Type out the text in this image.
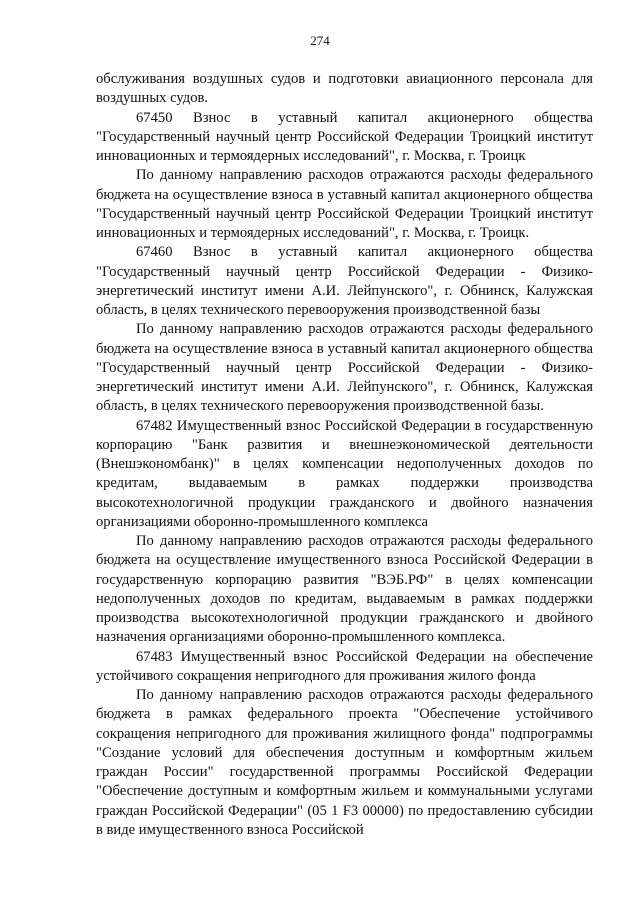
274

обслуживания воздушных судов и подготовки авиационного персонала для воздушных судов.

67450 Взнос в уставный капитал акционерного общества "Государственный научный центр Российской Федерации Троицкий институт инновационных и термоядерных исследований", г. Москва, г. Троицк

По данному направлению расходов отражаются расходы федерального бюджета на осуществление взноса в уставный капитал акционерного общества "Государственный научный центр Российской Федерации Троицкий институт инновационных и термоядерных исследований", г. Москва, г. Троицк.

67460 Взнос в уставный капитал акционерного общества "Государственный научный центр Российской Федерации - Физико-энергетический институт имени А.И. Лейпунского", г. Обнинск, Калужская область, в целях технического перевооружения производственной базы

По данному направлению расходов отражаются расходы федерального бюджета на осуществление взноса в уставный капитал акционерного общества "Государственный научный центр Российской Федерации - Физико-энергетический институт имени А.И. Лейпунского", г. Обнинск, Калужская область, в целях технического перевооружения производственной базы.

67482 Имущественный взнос Российской Федерации в государственную корпорацию "Банк развития и внешнеэкономической деятельности (Внешэкономбанк)" в целях компенсации недополученных доходов по кредитам, выдаваемым в рамках поддержки производства высокотехнологичной продукции гражданского и двойного назначения организациями оборонно-промышленного комплекса

По данному направлению расходов отражаются расходы федерального бюджета на осуществление имущественного взноса Российской Федерации в государственную корпорацию развития "ВЭБ.РФ" в целях компенсации недополученных доходов по кредитам, выдаваемым в рамках поддержки производства высокотехнологичной продукции гражданского и двойного назначения организациями оборонно-промышленного комплекса.

67483 Имущественный взнос Российской Федерации на обеспечение устойчивого сокращения непригодного для проживания жилого фонда

По данному направлению расходов отражаются расходы федерального бюджета в рамках федерального проекта "Обеспечение устойчивого сокращения непригодного для проживания жилищного фонда" подпрограммы "Создание условий для обеспечения доступным и комфортным жильем граждан России" государственной программы Российской Федерации "Обеспечение доступным и комфортным жильем и коммунальными услугами граждан Российской Федерации" (05 1 F3 00000) по предоставлению субсидии в виде имущественного взноса Российской
